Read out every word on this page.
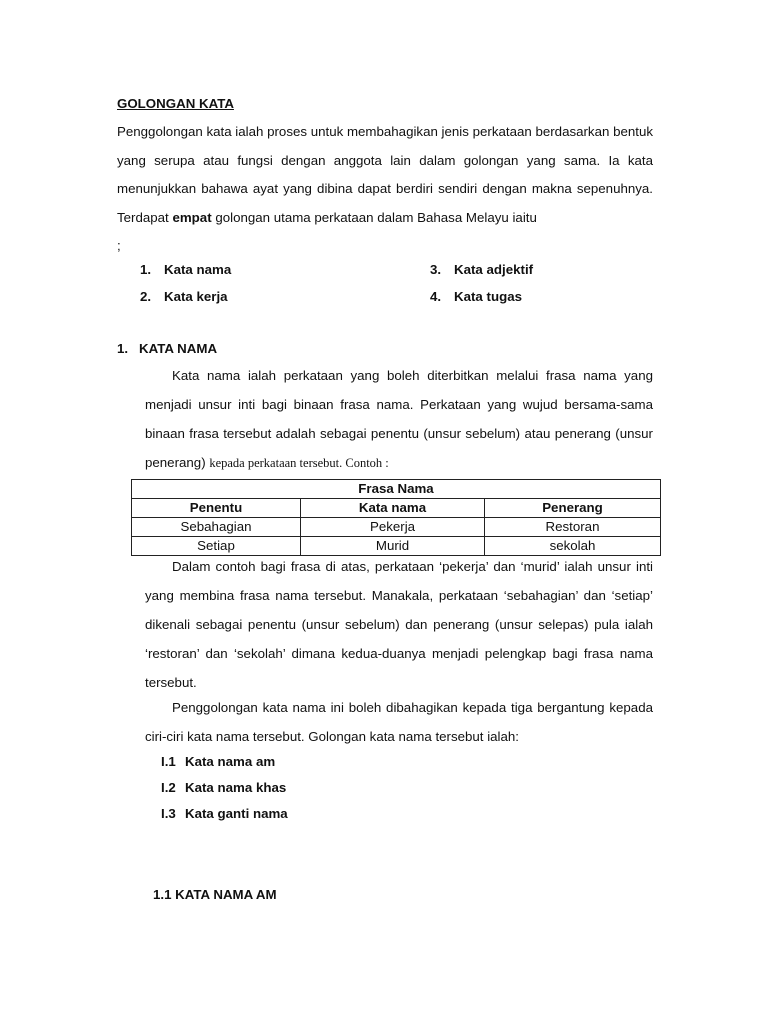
GOLONGAN KATA

Penggolongan kata ialah proses untuk membahagikan jenis perkataan berdasarkan bentuk yang serupa atau fungsi dengan anggota lain dalam golongan yang sama. Ia kata menunjukkan bahawa ayat yang dibina dapat berdiri sendiri dengan makna sepenuhnya. Terdapat empat golongan utama perkataan dalam Bahasa Melayu iaitu

;
1. Kata nama
2. Kata kerja
3. Kata adjektif
4. Kata tugas
1. KATA NAMA

Kata nama ialah perkataan yang boleh diterbitkan melalui frasa nama yang menjadi unsur inti bagi binaan frasa nama. Perkataan yang wujud bersama-sama binaan frasa tersebut adalah sebagai penentu (unsur sebelum) atau penerang (unsur penerang) kepada perkataan tersebut. Contoh :

Frasa Nama		
Penentu	Kata nama	Penerang
Sebahagian	Pekerja	Restoran
Setiap	Murid	sekolah

Dalam contoh bagi frasa di atas, perkataan ‘pekerja’ dan ‘murid’ ialah unsur inti yang membina frasa nama tersebut. Manakala, perkataan ‘sebahagian’ dan ‘setiap’ dikenali sebagai penentu (unsur sebelum) dan penerang (unsur selepas) pula ialah ‘restoran’ dan ‘sekolah’ dimana kedua-duanya menjadi pelengkap bagi frasa nama tersebut.

Penggolongan kata nama ini boleh dibahagikan kepada tiga bergantung kepada ciri-ciri kata nama tersebut. Golongan kata nama tersebut ialah:

I.1 Kata nama am
I.2 Kata nama khas
I.3 Kata ganti nama
1.1 KATA NAMA AM
